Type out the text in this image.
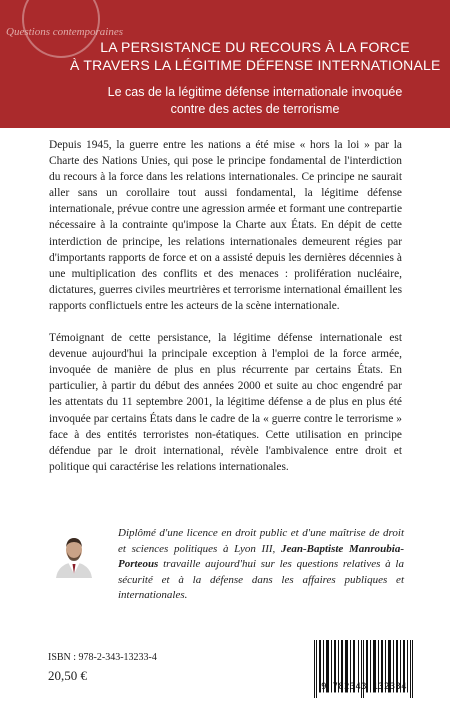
Questions contemporaines
LA PERSISTANCE DU RECOURS À LA FORCE
À TRAVERS LA LÉGITIME DÉFENSE INTERNATIONALE
Le cas de la légitime défense internationale invoquée
contre des actes de terrorisme

Depuis 1945, la guerre entre les nations a été mise « hors la loi » par la Charte des Nations Unies, qui pose le principe fondamental de l'interdiction du recours à la force dans les relations internationales. Ce principe ne saurait aller sans un corollaire tout aussi fondamental, la légitime défense internationale, prévue contre une agression armée et formant une contrepartie nécessaire à la contrainte qu'impose la Charte aux États. En dépit de cette interdiction de principe, les relations internationales demeurent régies par d'importants rapports de force et on a assisté depuis les dernières décennies à une multiplication des conflits et des menaces : prolifération nucléaire, dictatures, guerres civiles meurtrières et terrorisme international émaillent les rapports conflictuels entre les acteurs de la scène internationale.

Témoignant de cette persistance, la légitime défense internationale est devenue aujourd'hui la principale exception à l'emploi de la force armée, invoquée de manière de plus en plus récurrente par certains États. En particulier, à partir du début des années 2000 et suite au choc engendré par les attentats du 11 septembre 2001, la légitime défense a de plus en plus été invoquée par certains États dans le cadre de la « guerre contre le terrorisme » face à des entités terroristes non-étatiques. Cette utilisation en principe défendue par le droit international, révèle l'ambivalence entre droit et politique qui caractérise les relations internationales.

Diplômé d'une licence en droit public et d'une maîtrise de droit et sciences politiques à Lyon III, Jean-Baptiste Manroubia-Porteous travaille aujourd'hui sur les questions relatives à la sécurité et à la défense dans les affaires publiques et internationales.
ISBN : 978-2-343-13233-4
20,50 €
9 782343 132334
